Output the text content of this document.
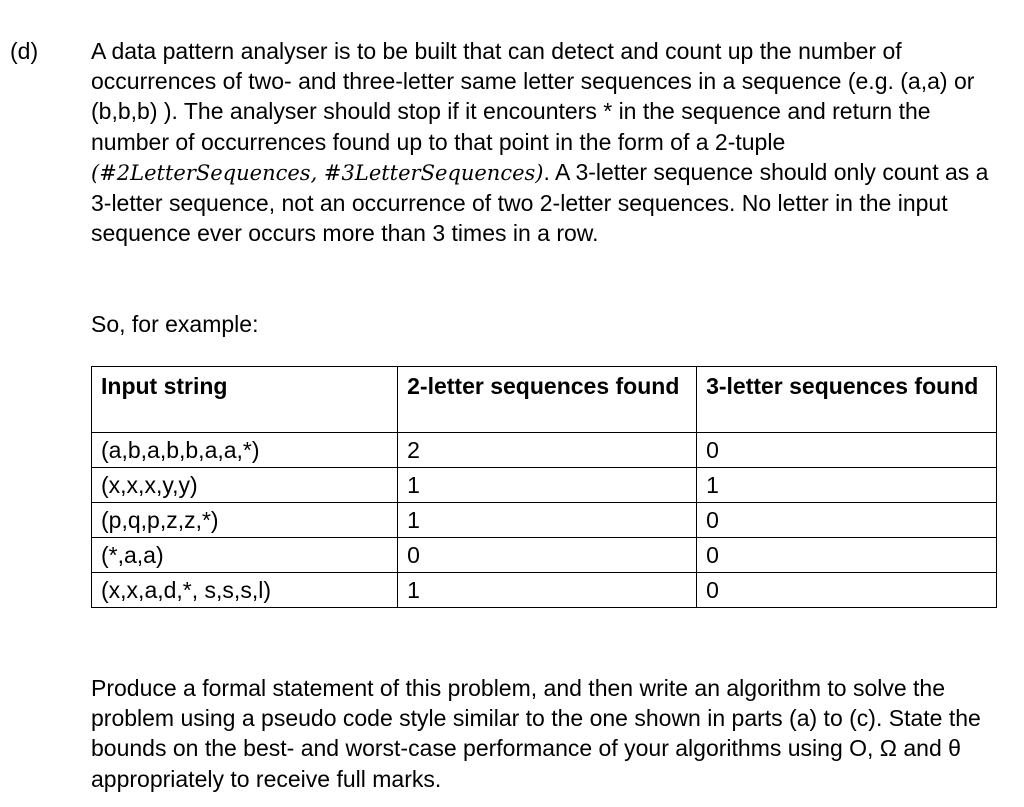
(d) A data pattern analyser is to be built that can detect and count up the number of occurrences of two- and three-letter same letter sequences in a sequence (e.g. (a,a) or (b,b,b) ). The analyser should stop if it encounters * in the sequence and return the number of occurrences found up to that point in the form of a 2-tuple (#2LetterSequences, #3LetterSequences). A 3-letter sequence should only count as a 3-letter sequence, not an occurrence of two 2-letter sequences. No letter in the input sequence ever occurs more than 3 times in a row.

So, for example:

Input string	2-letter sequences found	3-letter sequences found
(a,b,a,b,b,a,a,*)	2	0
(x,x,x,y,y)	1	1
(p,q,p,z,z,*)	1	0
(*,a,a)	0	0
(x,x,a,d,*, s,s,s,l)	1	0

Produce a formal statement of this problem, and then write an algorithm to solve the problem using a pseudo code style similar to the one shown in parts (a) to (c). State the bounds on the best- and worst-case performance of your algorithms using O, Ω and θ appropriately to receive full marks.
